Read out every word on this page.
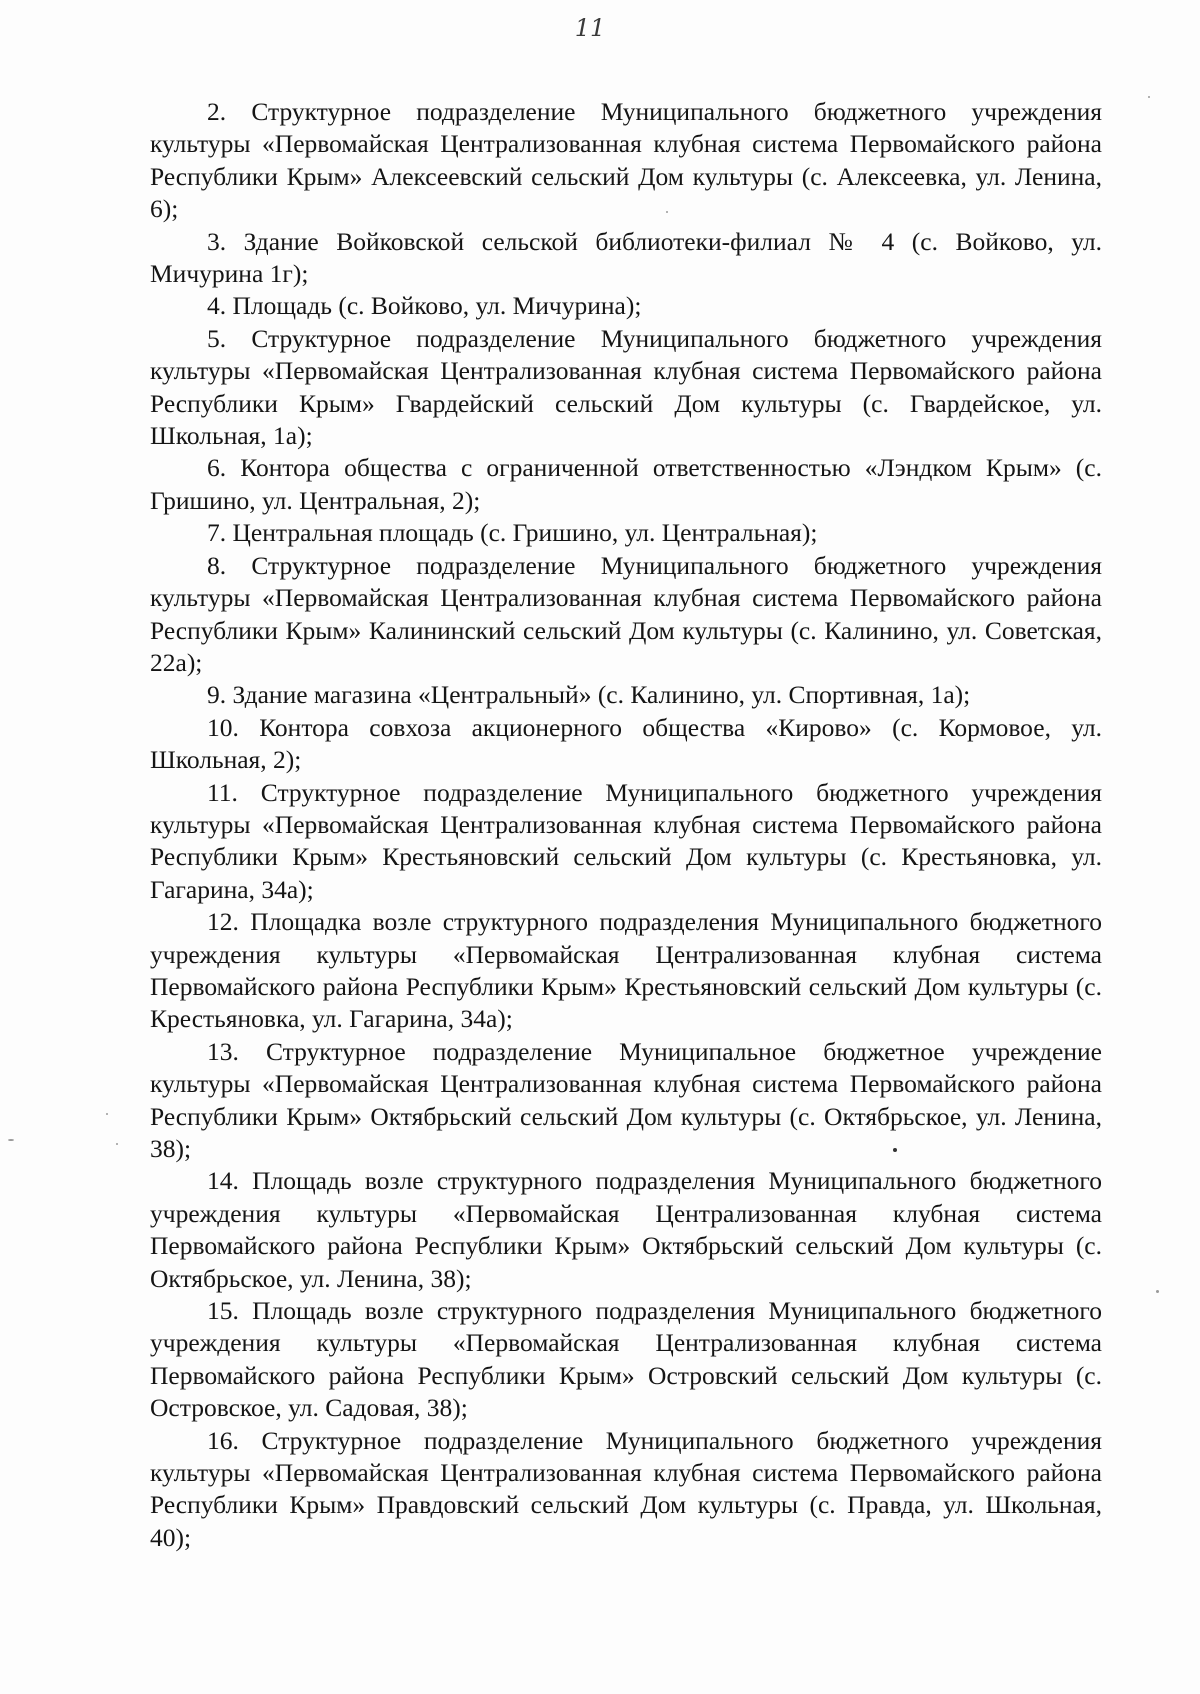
11

2. Структурное подразделение Муниципального бюджетного учреждения культуры «Первомайская Централизованная клубная система Первомайского района Республики Крым» Алексеевский сельский Дом культуры (с. Алексеевка, ул. Ленина, 6);

3. Здание Войковской сельской библиотеки-филиал № 4 (с. Войково, ул. Мичурина 1г);

4. Площадь (с. Войково, ул. Мичурина);

5. Структурное подразделение Муниципального бюджетного учреждения культуры «Первомайская Централизованная клубная система Первомайского района Республики Крым» Гвардейский сельский Дом культуры (с. Гвардейское, ул. Школьная, 1а);

6. Контора общества с ограниченной ответственностью «Лэндком Крым» (с. Гришино, ул. Центральная, 2);

7. Центральная площадь (с. Гришино, ул. Центральная);

8. Структурное подразделение Муниципального бюджетного учреждения культуры «Первомайская Централизованная клубная система Первомайского района Республики Крым» Калининский сельский Дом культуры (с. Калинино, ул. Советская, 22а);

9. Здание магазина «Центральный» (с. Калинино, ул. Спортивная, 1а);

10. Контора совхоза акционерного общества «Кирово» (с. Кормовое, ул. Школьная, 2);

11. Структурное подразделение Муниципального бюджетного учреждения культуры «Первомайская Централизованная клубная система Первомайского района Республики Крым» Крестьяновский сельский Дом культуры (с. Крестьяновка, ул. Гагарина, 34а);

12. Площадка возле структурного подразделения Муниципального бюджетного учреждения культуры «Первомайская Централизованная клубная система Первомайского района Республики Крым» Крестьяновский сельский Дом культуры (с. Крестьяновка, ул. Гагарина, 34а);

13. Структурное подразделение Муниципальное бюджетное учреждение культуры «Первомайская Централизованная клубная система Первомайского района Республики Крым» Октябрьский сельский Дом культуры (с. Октябрьское, ул. Ленина, 38);

14. Площадь возле структурного подразделения Муниципального бюджетного учреждения культуры «Первомайская Централизованная клубная система Первомайского района Республики Крым» Октябрьский сельский Дом культуры (с. Октябрьское, ул. Ленина, 38);

15. Площадь возле структурного подразделения Муниципального бюджетного учреждения культуры «Первомайская Централизованная клубная система Первомайского района Республики Крым» Островский сельский Дом культуры (с. Островское, ул. Садовая, 38);

16. Структурное подразделение Муниципального бюджетного учреждения культуры «Первомайская Централизованная клубная система Первомайского района Республики Крым» Правдовский сельский Дом культуры (с. Правда, ул. Школьная, 40);
